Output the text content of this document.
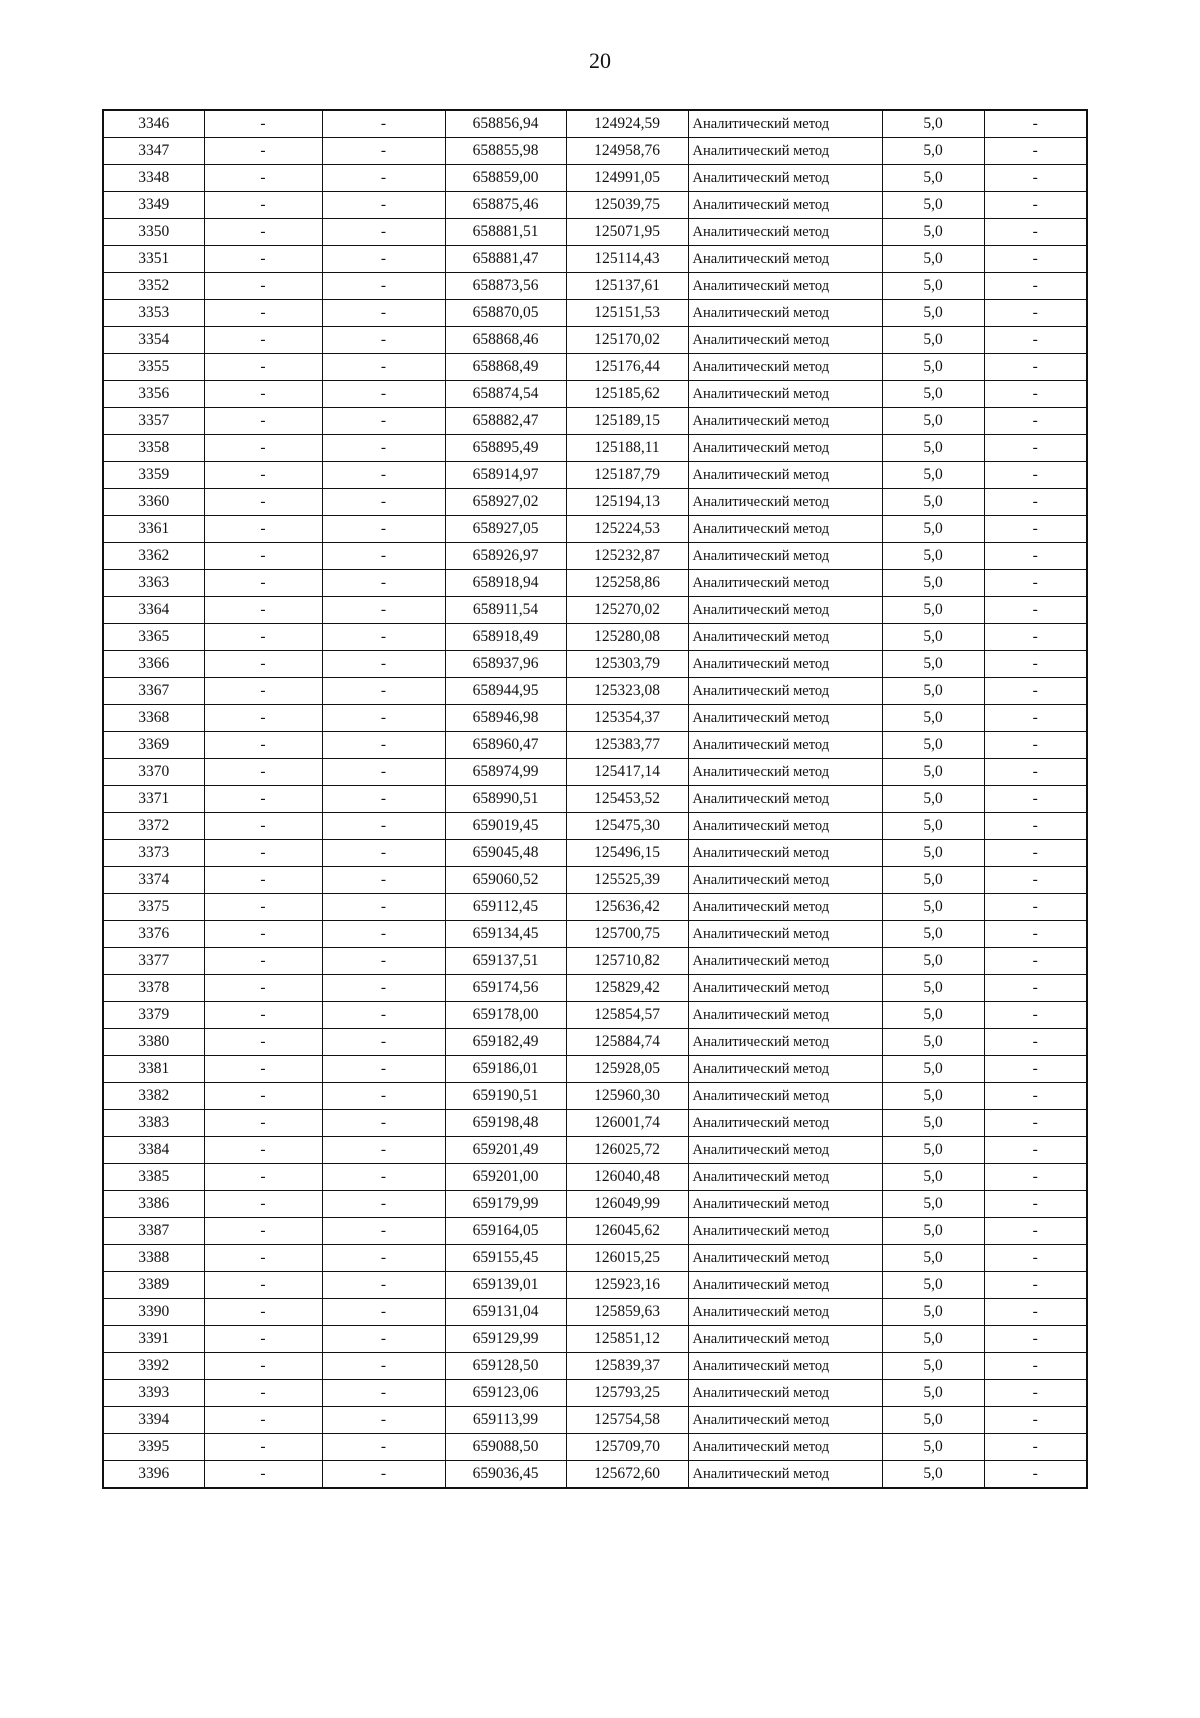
20
3346	-	-	658856,94	124924,59	Аналитический метод	5,0	-
3347	-	-	658855,98	124958,76	Аналитический метод	5,0	-
3348	-	-	658859,00	124991,05	Аналитический метод	5,0	-
3349	-	-	658875,46	125039,75	Аналитический метод	5,0	-
3350	-	-	658881,51	125071,95	Аналитический метод	5,0	-
3351	-	-	658881,47	125114,43	Аналитический метод	5,0	-
3352	-	-	658873,56	125137,61	Аналитический метод	5,0	-
3353	-	-	658870,05	125151,53	Аналитический метод	5,0	-
3354	-	-	658868,46	125170,02	Аналитический метод	5,0	-
3355	-	-	658868,49	125176,44	Аналитический метод	5,0	-
3356	-	-	658874,54	125185,62	Аналитический метод	5,0	-
3357	-	-	658882,47	125189,15	Аналитический метод	5,0	-
3358	-	-	658895,49	125188,11	Аналитический метод	5,0	-
3359	-	-	658914,97	125187,79	Аналитический метод	5,0	-
3360	-	-	658927,02	125194,13	Аналитический метод	5,0	-
3361	-	-	658927,05	125224,53	Аналитический метод	5,0	-
3362	-	-	658926,97	125232,87	Аналитический метод	5,0	-
3363	-	-	658918,94	125258,86	Аналитический метод	5,0	-
3364	-	-	658911,54	125270,02	Аналитический метод	5,0	-
3365	-	-	658918,49	125280,08	Аналитический метод	5,0	-
3366	-	-	658937,96	125303,79	Аналитический метод	5,0	-
3367	-	-	658944,95	125323,08	Аналитический метод	5,0	-
3368	-	-	658946,98	125354,37	Аналитический метод	5,0	-
3369	-	-	658960,47	125383,77	Аналитический метод	5,0	-
3370	-	-	658974,99	125417,14	Аналитический метод	5,0	-
3371	-	-	658990,51	125453,52	Аналитический метод	5,0	-
3372	-	-	659019,45	125475,30	Аналитический метод	5,0	-
3373	-	-	659045,48	125496,15	Аналитический метод	5,0	-
3374	-	-	659060,52	125525,39	Аналитический метод	5,0	-
3375	-	-	659112,45	125636,42	Аналитический метод	5,0	-
3376	-	-	659134,45	125700,75	Аналитический метод	5,0	-
3377	-	-	659137,51	125710,82	Аналитический метод	5,0	-
3378	-	-	659174,56	125829,42	Аналитический метод	5,0	-
3379	-	-	659178,00	125854,57	Аналитический метод	5,0	-
3380	-	-	659182,49	125884,74	Аналитический метод	5,0	-
3381	-	-	659186,01	125928,05	Аналитический метод	5,0	-
3382	-	-	659190,51	125960,30	Аналитический метод	5,0	-
3383	-	-	659198,48	126001,74	Аналитический метод	5,0	-
3384	-	-	659201,49	126025,72	Аналитический метод	5,0	-
3385	-	-	659201,00	126040,48	Аналитический метод	5,0	-
3386	-	-	659179,99	126049,99	Аналитический метод	5,0	-
3387	-	-	659164,05	126045,62	Аналитический метод	5,0	-
3388	-	-	659155,45	126015,25	Аналитический метод	5,0	-
3389	-	-	659139,01	125923,16	Аналитический метод	5,0	-
3390	-	-	659131,04	125859,63	Аналитический метод	5,0	-
3391	-	-	659129,99	125851,12	Аналитический метод	5,0	-
3392	-	-	659128,50	125839,37	Аналитический метод	5,0	-
3393	-	-	659123,06	125793,25	Аналитический метод	5,0	-
3394	-	-	659113,99	125754,58	Аналитический метод	5,0	-
3395	-	-	659088,50	125709,70	Аналитический метод	5,0	-
3396	-	-	659036,45	125672,60	Аналитический метод	5,0	-
